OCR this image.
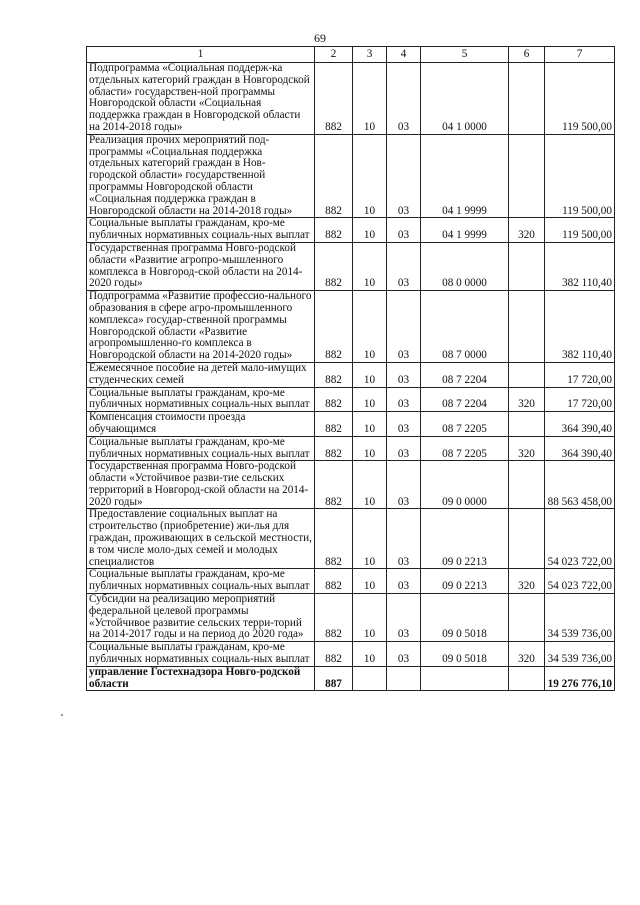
69
1	2	3	4	5	6	7
Подпрограмма «Социальная поддерж-ка отдельных категорий граждан в Новгородской области» государствен-ной программы Новгородской области «Социальная поддержка граждан в Новгородской области на 2014-2018 годы»	882	10	03	04 1 0000		119 500,00
Реализация прочих мероприятий под-программы «Социальная поддержка отдельных категорий граждан в Нов-городской области» государственной программы Новгородской области «Социальная поддержка граждан в Новгородской области на 2014-2018 годы»	882	10	03	04 1 9999		119 500,00
Социальные выплаты гражданам, кро-ме публичных нормативных социаль-ных выплат	882	10	03	04 1 9999	320	119 500,00
Государственная программа Новго-родской области «Развитие агропро-мышленного комплекса в Новгород-ской области на 2014-2020 годы»	882	10	03	08 0 0000		382 110,40
Подпрограмма «Развитие профессио-нального образования в сфере агро-промышленного комплекса» государ-ственной программы Новгородской области «Развитие агропромышленно-го комплекса в Новгородской области на 2014-2020 годы»	882	10	03	08 7 0000		382 110,40
Ежемесячное пособие на детей мало-имущих студенческих семей	882	10	03	08 7 2204		17 720,00
Социальные выплаты гражданам, кро-ме публичных нормативных социаль-ных выплат	882	10	03	08 7 2204	320	17 720,00
Компенсация стоимости проезда обучающимся	882	10	03	08 7 2205		364 390,40
Социальные выплаты гражданам, кро-ме публичных нормативных социаль-ных выплат	882	10	03	08 7 2205	320	364 390,40
Государственная программа Новго-родской области «Устойчивое разви-тие сельских территорий в Новгород-ской области на 2014-2020 годы»	882	10	03	09 0 0000		88 563 458,00
Предоставление социальных выплат на строительство (приобретение) жи-лья для граждан, проживающих в сельской местности, в том числе моло-дых семей и молодых специалистов	882	10	03	09 0 2213		54 023 722,00
Социальные выплаты гражданам, кро-ме публичных нормативных социаль-ных выплат	882	10	03	09 0 2213	320	54 023 722,00
Субсидии на реализацию мероприятий федеральной целевой программы «Устойчивое развитие сельских терри-торий на 2014-2017 годы и на период до 2020 года»	882	10	03	09 0 5018		34 539 736,00
Социальные выплаты гражданам, кро-ме публичных нормативных социаль-ных выплат	882	10	03	09 0 5018	320	34 539 736,00
управление Гостехнадзора Новго-родской области	887					19 276 776,10
